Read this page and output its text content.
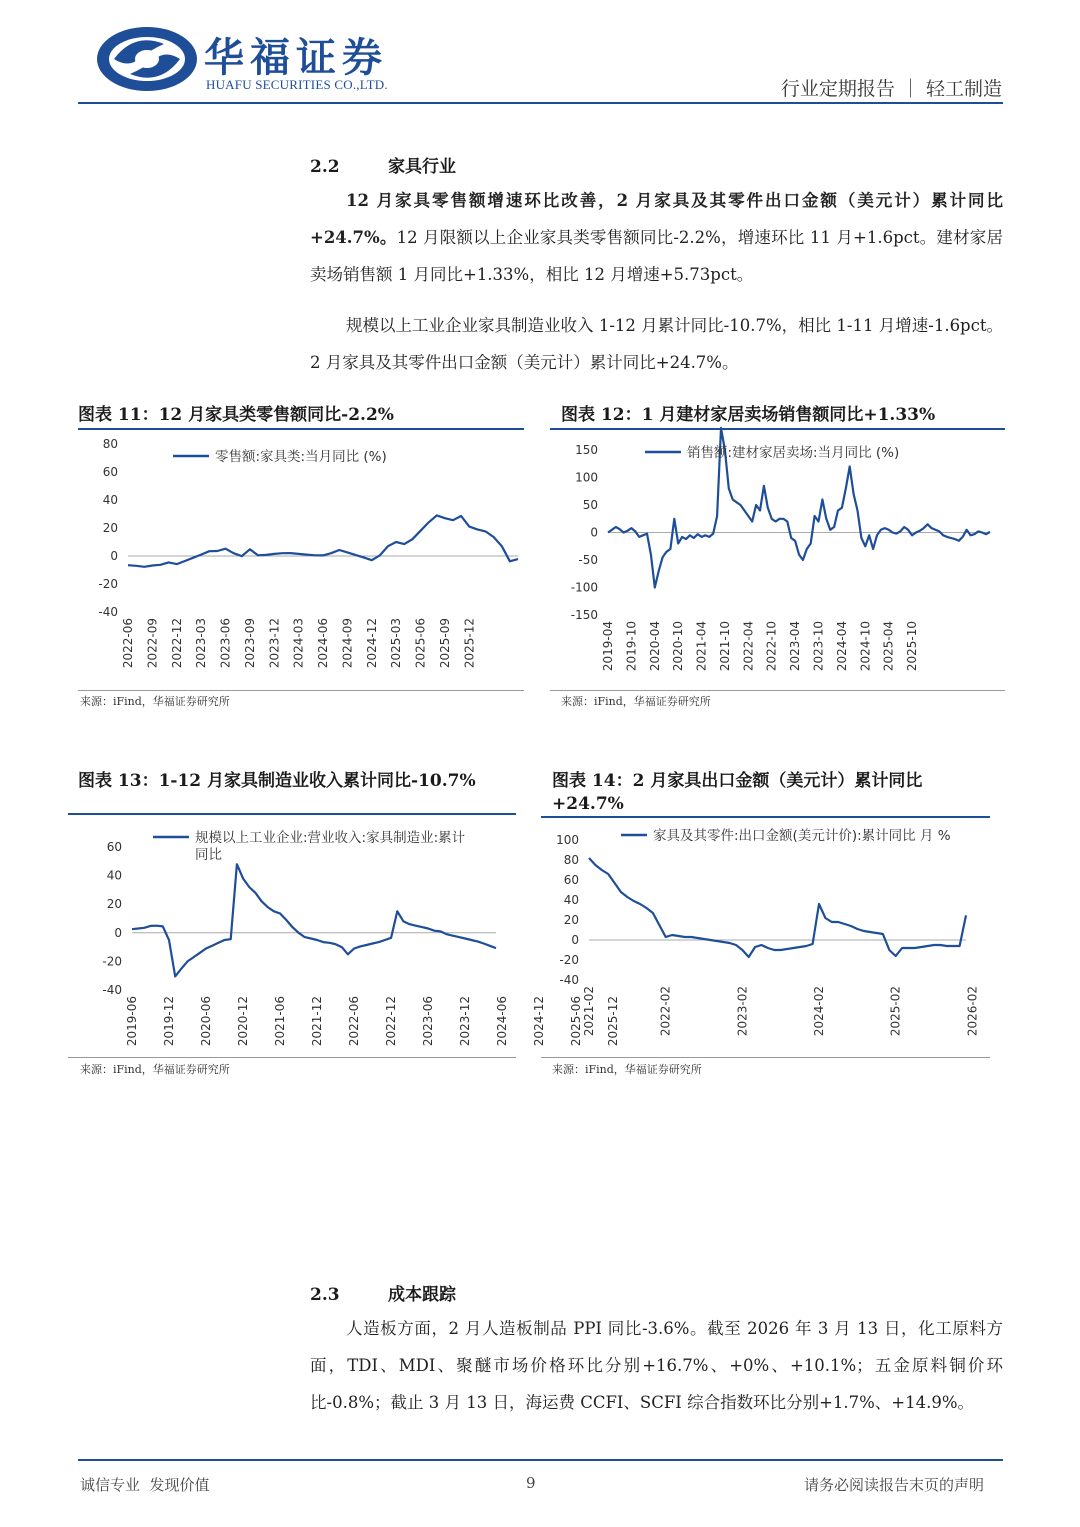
华福证券
HUAFU SECURITIES CO.,LTD.	行业定期报告 ｜ 轻工制造
2.2	家具行业
12 月家具零售额增速环比改善，2 月家具及其零件出口金额（美元计）累计同比+24.7%。12 月限额以上企业家具类零售额同比-2.2%，增速环比 11 月+1.6pct。建材家居卖场销售额 1 月同比+1.33%，相比 12 月增速+5.73pct。
规模以上工业企业家具制造业收入 1-12 月累计同比-10.7%，相比 1-11 月增速-1.6pct。2 月家具及其零件出口金额（美元计）累计同比+24.7%。
图表 11：12 月家具类零售额同比-2.2%
80
60
40
20
0
-20
-40
2022-06 2022-09 2022-12 2023-03 2023-06 2023-09 2023-12 2024-03 2024-06 2024-09 2024-12 2025-03 2025-06 2025-09 2025-12
零售额:家具类:当月同比 (%)
来源：iFind，华福证券研究所
图表 12：1 月建材家居卖场销售额同比+1.33%
150
100
50
0
-50
-100
-150
2019-04 2019-10 2020-04 2020-10 2021-04 2021-10 2022-04 2022-10 2023-04 2023-10 2024-04 2024-10 2025-04 2025-10
销售额:建材家居卖场:当月同比 (%)
来源：iFind，华福证券研究所
图表 13：1-12 月家具制造业收入累计同比-10.7%
60
40
20
0
-20
-40
2019-06 2019-12 2020-06 2020-12 2021-06 2021-12 2022-06 2022-12 2023-06 2023-12 2024-06 2024-12 2025-06 2025-12
规模以上工业企业:营业收入:家具制造业:累计
同比
来源：iFind，华福证券研究所
图表 14：2 月家具出口金额（美元计）累计同比
+24.7%
100
80
60
40
20
0
-20
-40
2021-02	2022-02	2023-02	2024-02	2025-02	2026-02
家具及其零件:出口金额(美元计价):累计同比 月 %
来源：iFind，华福证券研究所
2.3	成本跟踪
人造板方面，2 月人造板制品 PPI 同比-3.6%。截至 2026 年 3 月 13 日，化工原料方面，TDI、MDI、聚醚市场价格环比分别+16.7%、+0%、+10.1%；五金原料铜价环比-0.8%；截止 3 月 13 日，海运费 CCFI、SCFI 综合指数环比分别+1.7%、+14.9%。
诚信专业  发现价值	9	请务必阅读报告末页的声明
